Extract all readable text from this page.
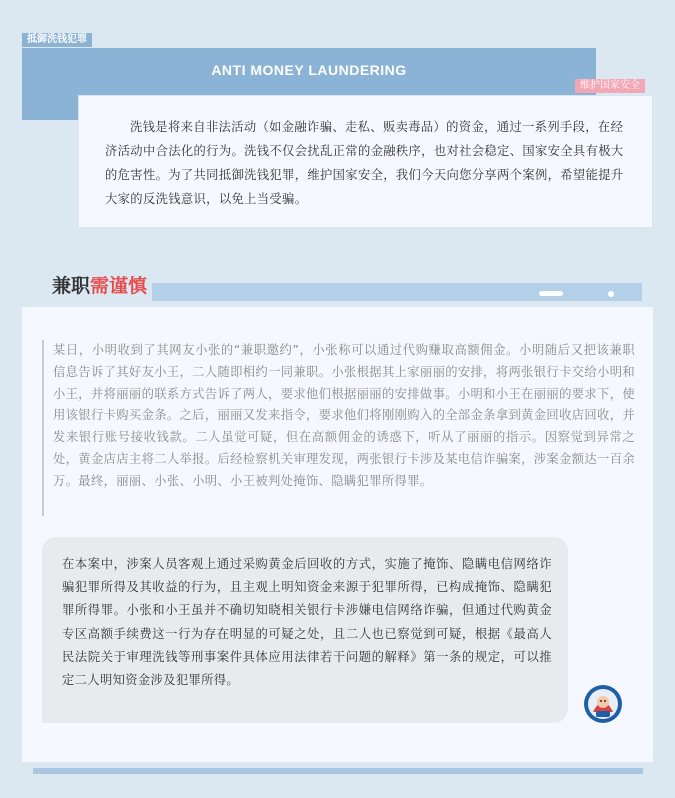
抵御洗钱犯罪
ANTI MONEY LAUNDERING
维护国家安全
洗钱是将来自非法活动（如金融诈骗、走私、贩卖毒品）的资金，通过一系列手段，在经济活动中合法化的行为。洗钱不仅会扰乱正常的金融秩序，也对社会稳定、国家安全具有极大的危害性。为了共同抵御洗钱犯罪，维护国家安全，我们今天向您分享两个案例，希望能提升大家的反洗钱意识，以免上当受骗。
兼职需谨慎
某日，小明收到了其网友小张的“兼职邀约”，小张称可以通过代购赚取高额佣金。小明随后又把该兼职信息告诉了其好友小王，二人随即相约一同兼职。小张根据其上家丽丽的安排，将两张银行卡交给小明和小王，并将丽丽的联系方式告诉了两人，要求他们根据丽丽的安排做事。小明和小王在丽丽的要求下，使用该银行卡购买金条。之后，丽丽又发来指令，要求他们将刚刚购入的全部金条拿到黄金回收店回收，并发来银行账号接收钱款。二人虽觉可疑，但在高额佣金的诱惑下，听从了丽丽的指示。因察觉到异常之处，黄金店店主将二人举报。后经检察机关审理发现，两张银行卡涉及某电信诈骗案，涉案金额达一百余万。最终，丽丽、小张、小明、小王被判处掩饰、隐瞒犯罪所得罪。
在本案中，涉案人员客观上通过采购黄金后回收的方式，实施了掩饰、隐瞒电信网络诈骗犯罪所得及其收益的行为，且主观上明知资金来源于犯罪所得，已构成掩饰、隐瞒犯罪所得罪。小张和小王虽并不确切知晓相关银行卡涉嫌电信网络诈骗，但通过代购黄金专区高额手续费这一行为存在明显的可疑之处，且二人也已察觉到可疑，根据《最高人民法院关于审理洗钱等刑事案件具体应用法律若干问题的解释》第一条的规定，可以推定二人明知资金涉及犯罪所得。
